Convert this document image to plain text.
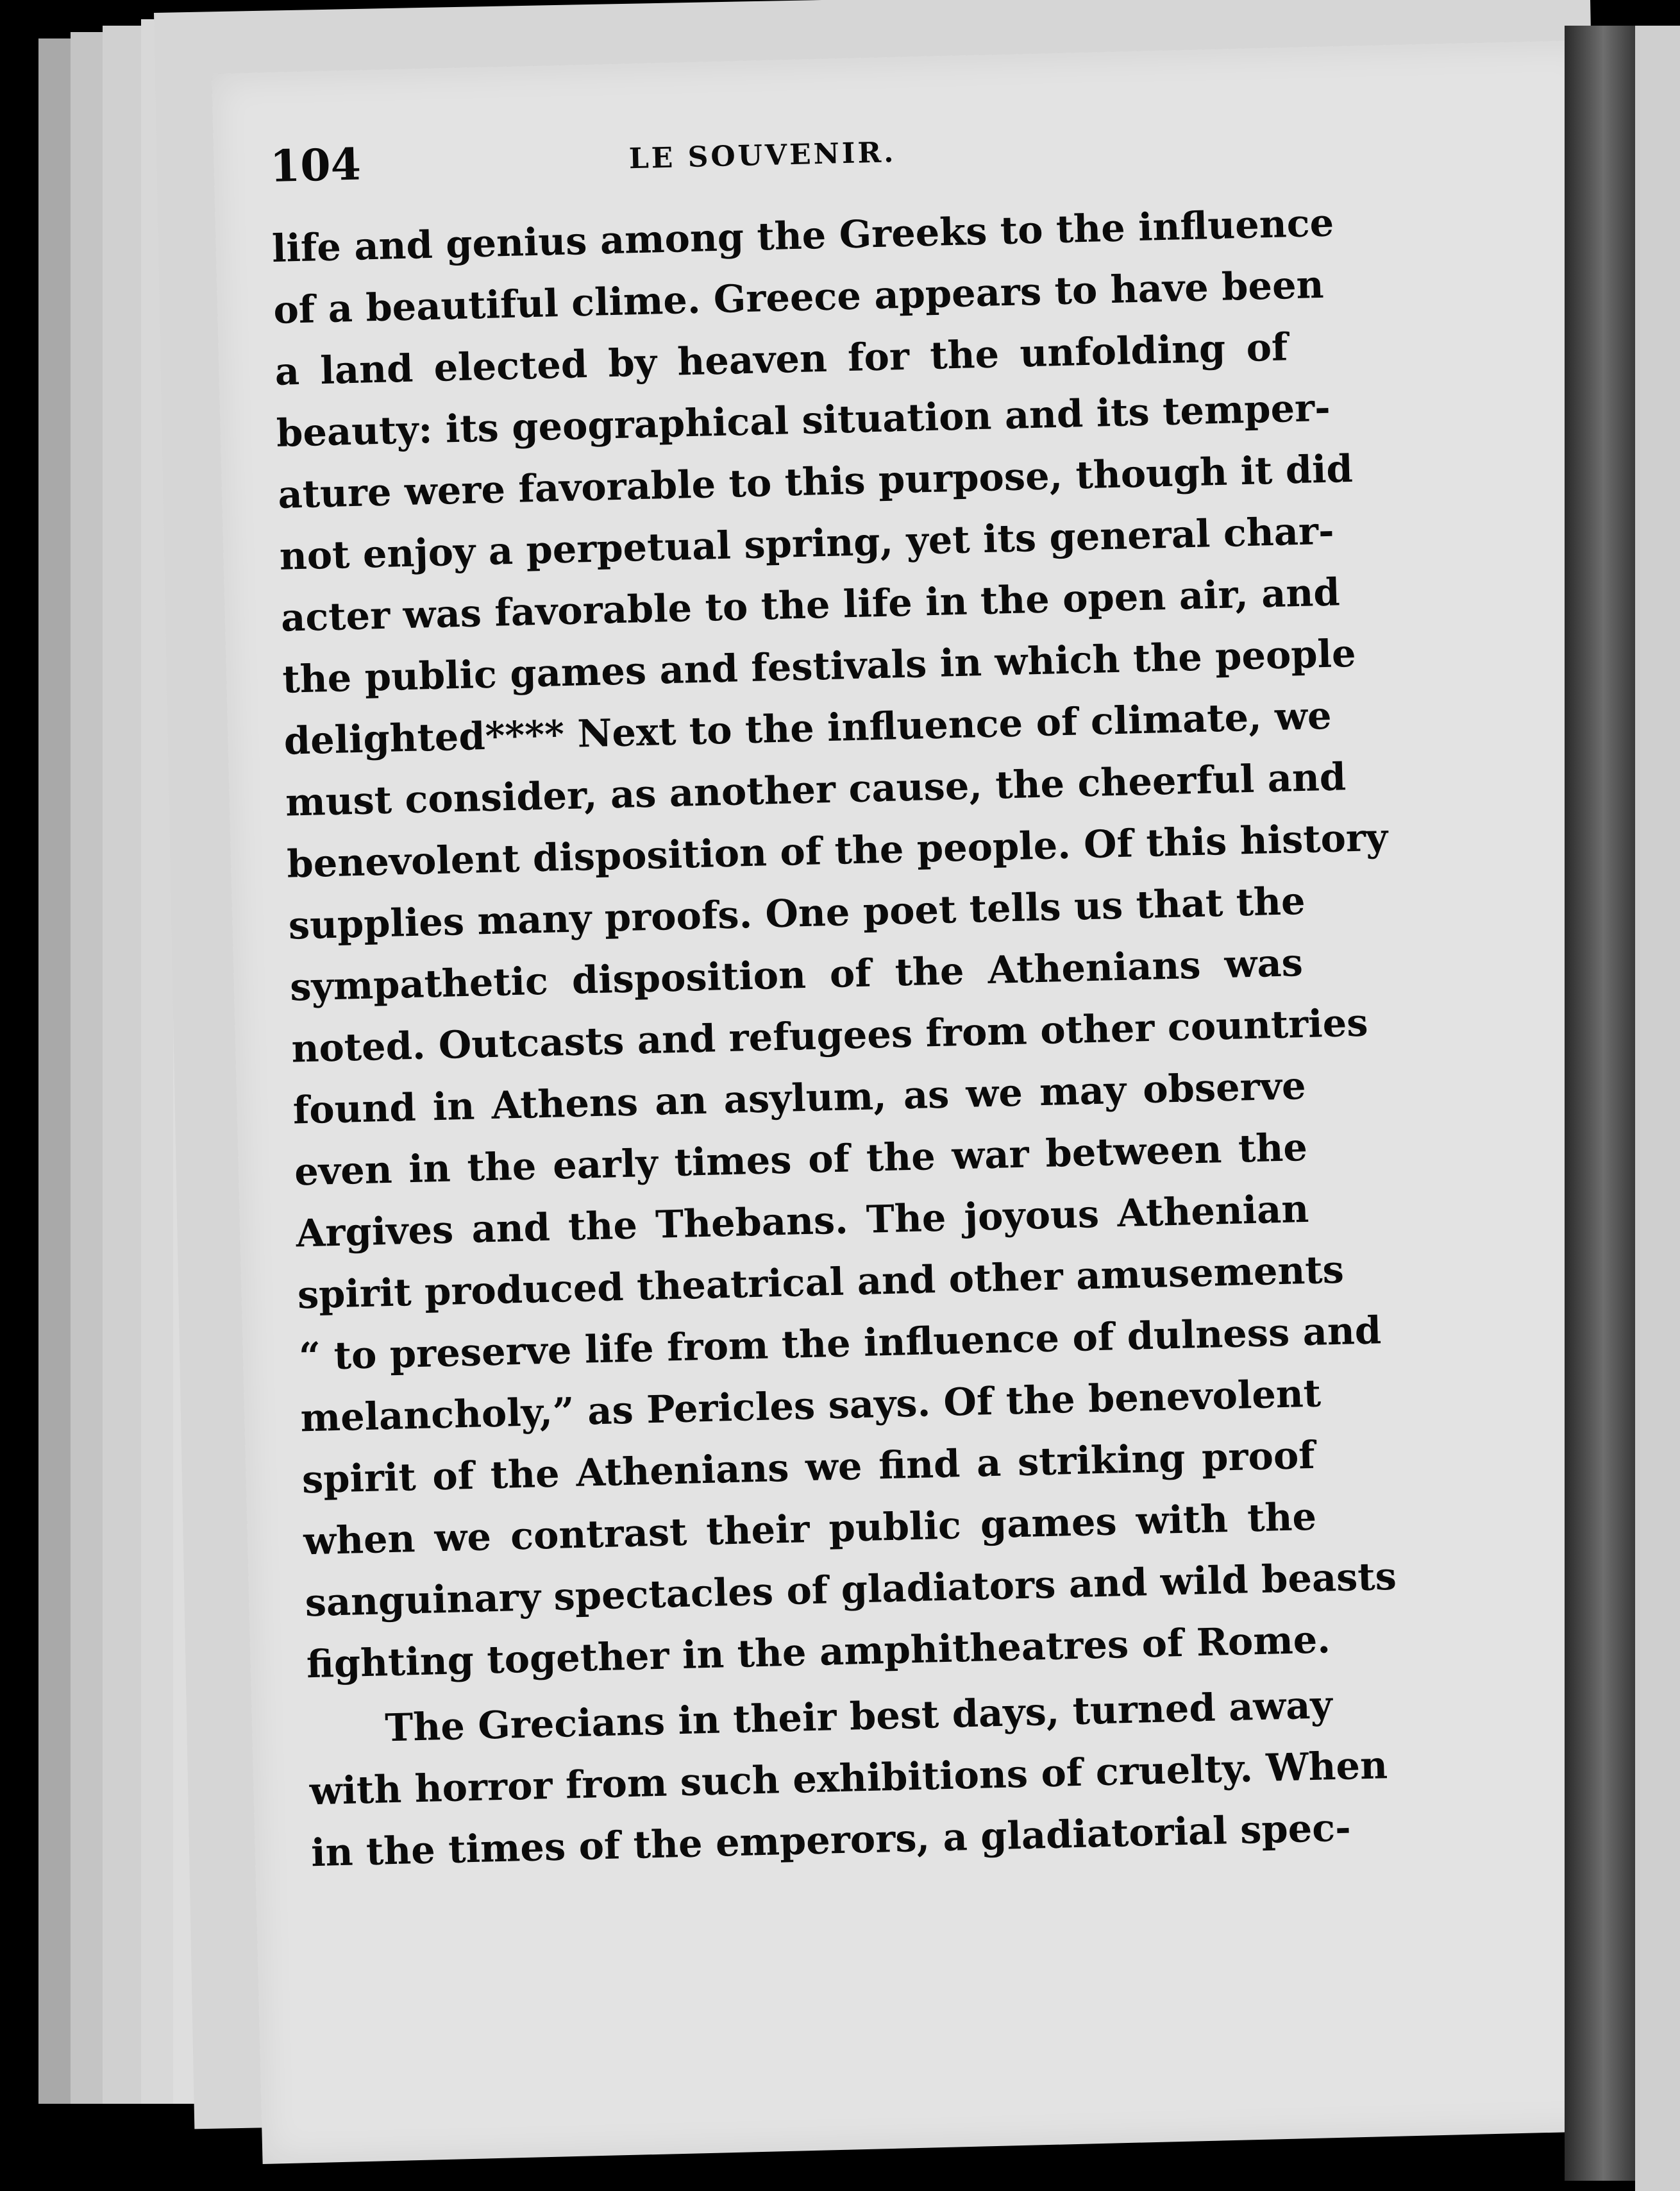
104	LE SOUVENIR.
life and genius among the Greeks to the influence
of a beautiful clime. Greece appears to have been
a land elected by heaven for the unfolding of
beauty: its geographical situation and its temper-
ature were favorable to this purpose, though it did
not enjoy a perpetual spring, yet its general char-
acter was favorable to the life in the open air, and
the public games and festivals in which the people
delighted**** Next to the influence of climate, we
must consider, as another cause, the cheerful and
benevolent disposition of the people. Of this history
supplies many proofs. One poet tells us that the
sympathetic disposition of the Athenians was
noted. Outcasts and refugees from other countries
found in Athens an asylum, as we may observe
even in the early times of the war between the
Argives and the Thebans. The joyous Athenian
spirit produced theatrical and other amusements
“ to preserve life from the influence of dulness and
melancholy,” as Pericles says. Of the benevolent
spirit of the Athenians we find a striking proof
when we contrast their public games with the
sanguinary spectacles of gladiators and wild beasts
fighting together in the amphitheatres of Rome.
The Grecians in their best days, turned away
with horror from such exhibitions of cruelty. When
in the times of the emperors, a gladiatorial spec-
